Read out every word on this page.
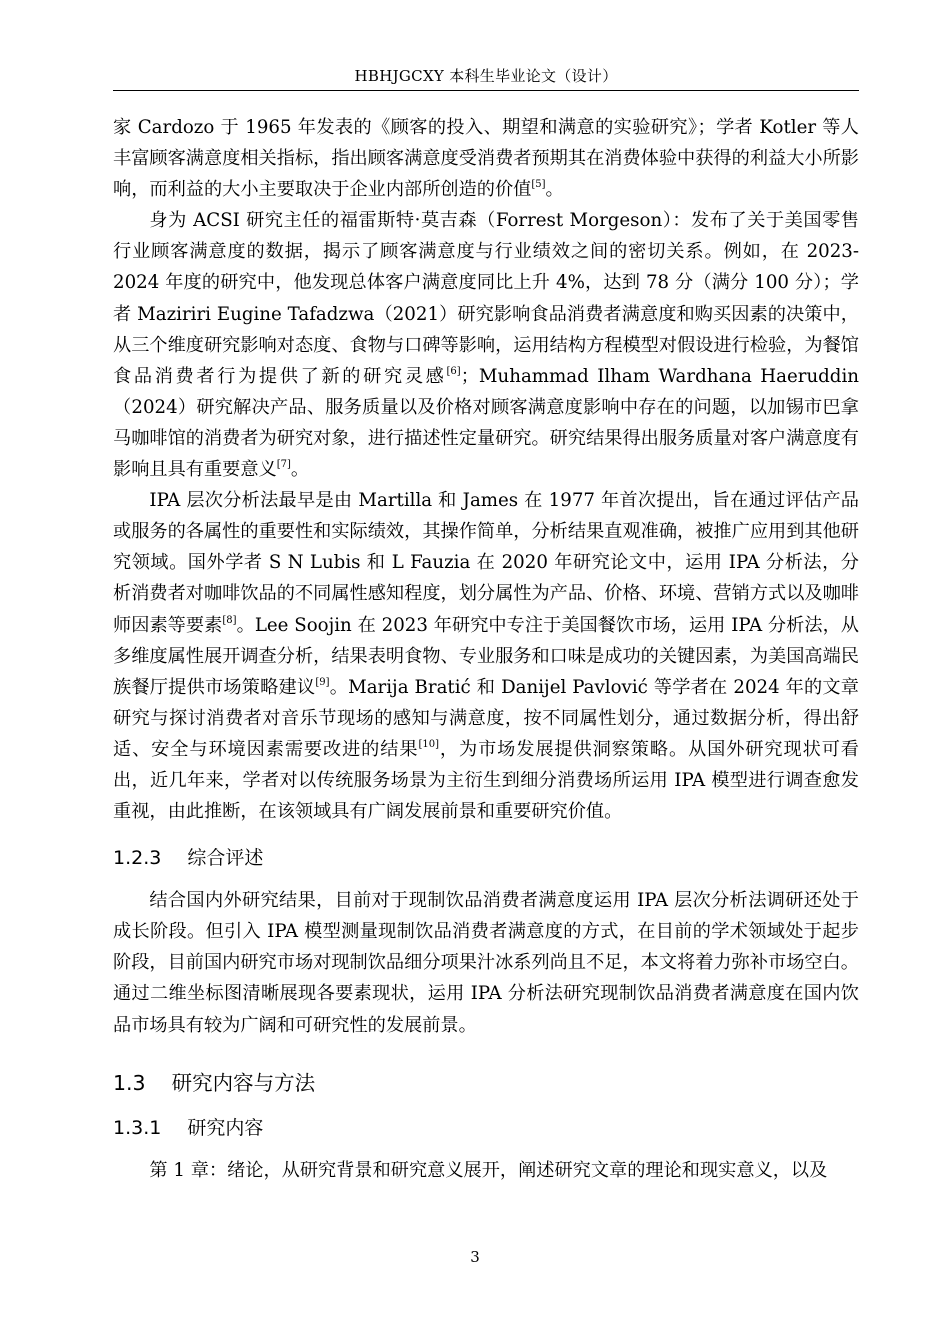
HBHJGCXY 本科生毕业论文（设计）

家 Cardozo 于 1965 年发表的《顾客的投入、期望和满意的实验研究》；学者 Kotler 等人丰富顾客满意度相关指标，指出顾客满意度受消费者预期其在消费体验中获得的利益大小所影响，而利益的大小主要取决于企业内部所创造的价值[5]。

身为 ACSI 研究主任的福雷斯特·莫吉森（Forrest Morgeson）：发布了关于美国零售行业顾客满意度的数据，揭示了顾客满意度与行业绩效之间的密切关系。例如，在 2023-2024 年度的研究中，他发现总体客户满意度同比上升 4%，达到 78 分（满分 100 分）；学者 Maziriri Eugine Tafadzwa（2021）研究影响食品消费者满意度和购买因素的决策中，从三个维度研究影响对态度、食物与口碑等影响，运用结构方程模型对假设进行检验，为餐馆食品消费者行为提供了新的研究灵感[6]；Muhammad Ilham Wardhana Haeruddin（2024）研究解决产品、服务质量以及价格对顾客满意度影响中存在的问题，以加锡市巴拿马咖啡馆的消费者为研究对象，进行描述性定量研究。研究结果得出服务质量对客户满意度有影响且具有重要意义[7]。

IPA 层次分析法最早是由 Martilla 和 James 在 1977 年首次提出，旨在通过评估产品或服务的各属性的重要性和实际绩效，其操作简单，分析结果直观准确，被推广应用到其他研究领域。国外学者 S N Lubis 和 L Fauzia 在 2020 年研究论文中，运用 IPA 分析法，分析消费者对咖啡饮品的不同属性感知程度，划分属性为产品、价格、环境、营销方式以及咖啡师因素等要素[8]。Lee Soojin 在 2023 年研究中专注于美国餐饮市场，运用 IPA 分析法，从多维度属性展开调查分析，结果表明食物、专业服务和口味是成功的关键因素，为美国高端民族餐厅提供市场策略建议[9]。Marija Bratić 和 Danijel Pavlović 等学者在 2024 年的文章研究与探讨消费者对音乐节现场的感知与满意度，按不同属性划分，通过数据分析，得出舒适、安全与环境因素需要改进的结果[10]，为市场发展提供洞察策略。从国外研究现状可看出，近几年来，学者对以传统服务场景为主衍生到细分消费场所运用 IPA 模型进行调查愈发重视，由此推断，在该领域具有广阔发展前景和重要研究价值。

1.2.3 综合评述

结合国内外研究结果，目前对于现制饮品消费者满意度运用 IPA 层次分析法调研还处于成长阶段。但引入 IPA 模型测量现制饮品消费者满意度的方式，在目前的学术领域处于起步阶段，目前国内研究市场对现制饮品细分项果汁冰系列尚且不足，本文将着力弥补市场空白。通过二维坐标图清晰展现各要素现状，运用 IPA 分析法研究现制饮品消费者满意度在国内饮品市场具有较为广阔和可研究性的发展前景。

1.3 研究内容与方法
1.3.1 研究内容

第 1 章：绪论，从研究背景和研究意义展开，阐述研究文章的理论和现实意义，以及

3
